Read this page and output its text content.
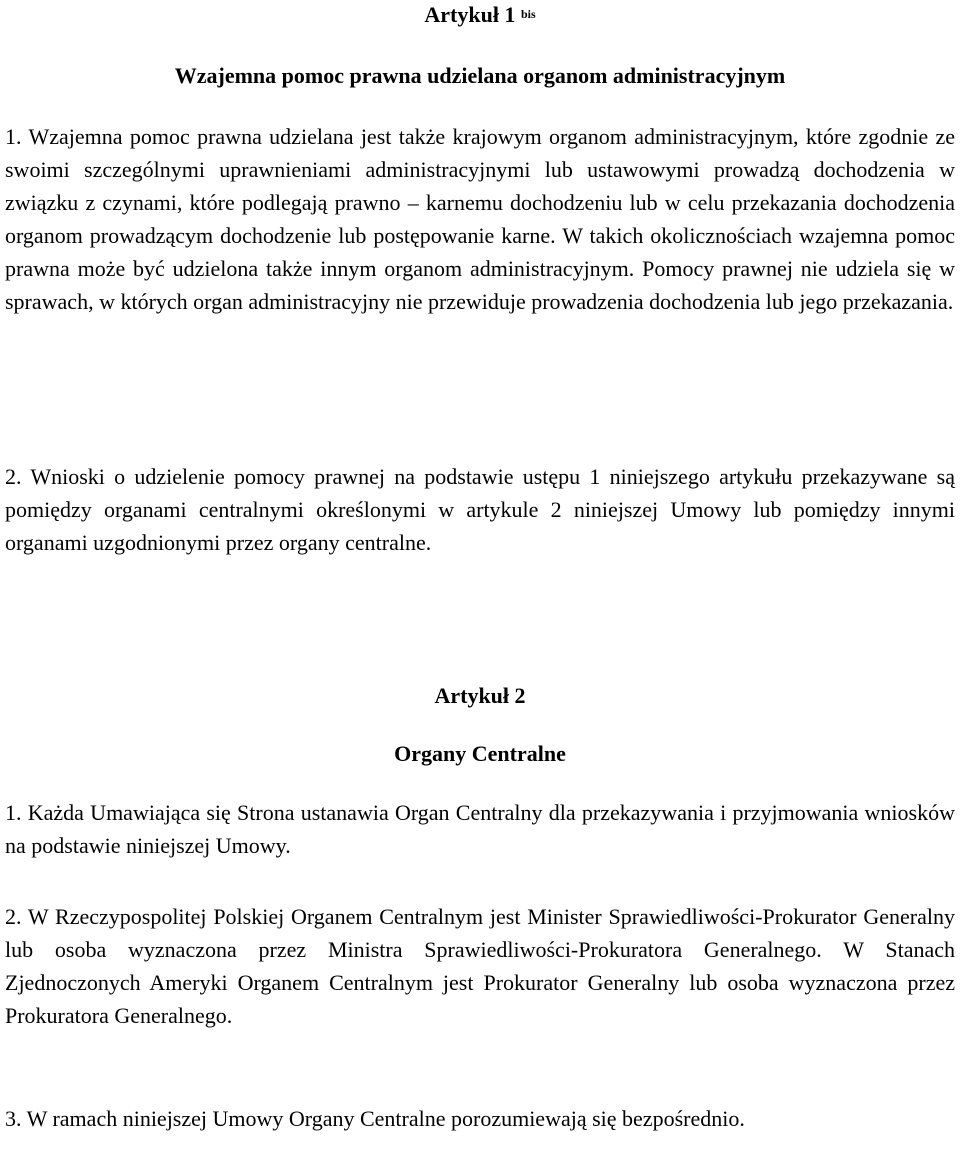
Artykuł 1 $^{bis}$
Wzajemna pomoc prawna udzielana organom administracyjnym

1. Wzajemna pomoc prawna udzielana jest także krajowym organom administracyjnym, które zgodnie ze swoimi szczególnymi uprawnieniami administracyjnymi lub ustawowymi prowadzą dochodzenia w związku z czynami, które podlegają prawno – karnemu dochodzeniu lub w celu przekazania dochodzenia organom prowadzącym dochodzenie lub postępowanie karne. W takich okolicznościach wzajemna pomoc prawna może być udzielona także innym organom administracyjnym. Pomocy prawnej nie udziela się w sprawach, w których organ administracyjny nie przewiduje prowadzenia dochodzenia lub jego przekazania.

2. Wnioski o udzielenie pomocy prawnej na podstawie ustępu 1 niniejszego artykułu przekazywane są pomiędzy organami centralnymi określonymi w artykule 2 niniejszej Umowy lub pomiędzy innymi organami uzgodnionymi przez organy centralne.

Artykuł 2
Organy Centralne

1. Każda Umawiająca się Strona ustanawia Organ Centralny dla przekazywania i przyjmowania wniosków na podstawie niniejszej Umowy.

2. W Rzeczypospolitej Polskiej Organem Centralnym jest Minister Sprawiedliwości-Prokurator Generalny lub osoba wyznaczona przez Ministra Sprawiedliwości-Prokuratora Generalnego. W Stanach Zjednoczonych Ameryki Organem Centralnym jest Prokurator Generalny lub osoba wyznaczona przez Prokuratora Generalnego.

3. W ramach niniejszej Umowy Organy Centralne porozumiewają się bezpośrednio.
